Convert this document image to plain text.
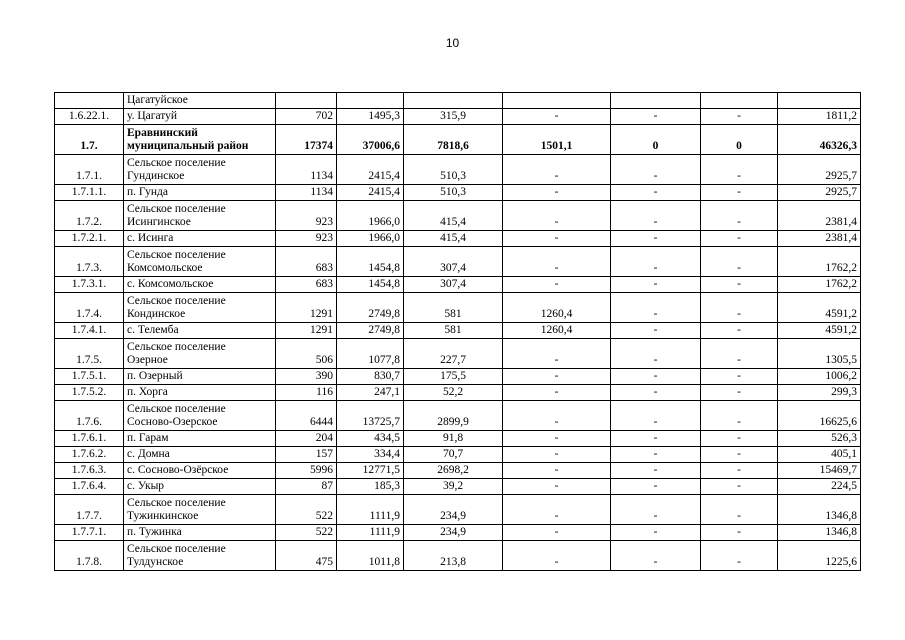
10
	Цагатуйское							
1.6.22.1.	у. Цагатуй	702	1495,3	315,9	-	-	-	1811,2
1.7.	Еравнинский
муниципальный район	17374	37006,6	7818,6	1501,1	0	0	46326,3
1.7.1.	Сельское поселение
Гундинское	1134	2415,4	510,3	-	-	-	2925,7
1.7.1.1.	п. Гунда	1134	2415,4	510,3	-	-	-	2925,7
1.7.2.	Сельское поселение
Исингинское	923	1966,0	415,4	-	-	-	2381,4
1.7.2.1.	с. Исинга	923	1966,0	415,4	-	-	-	2381,4
1.7.3.	Сельское поселение
Комсомольское	683	1454,8	307,4	-	-	-	1762,2
1.7.3.1.	с. Комсомольское	683	1454,8	307,4	-	-	-	1762,2
1.7.4.	Сельское поселение
Кондинское	1291	2749,8	581	1260,4	-	-	4591,2
1.7.4.1.	с. Телемба	1291	2749,8	581	1260,4	-	-	4591,2
1.7.5.	Сельское поселение
Озерное	506	1077,8	227,7	-	-	-	1305,5
1.7.5.1.	п. Озерный	390	830,7	175,5	-	-	-	1006,2
1.7.5.2.	п. Хорга	116	247,1	52,2	-	-	-	299,3
1.7.6.	Сельское поселение
Сосново-Озерское	6444	13725,7	2899,9	-	-	-	16625,6
1.7.6.1.	п. Гарам	204	434,5	91,8	-	-	-	526,3
1.7.6.2.	с. Домна	157	334,4	70,7	-	-	-	405,1
1.7.6.3.	с. Сосново-Озёрское	5996	12771,5	2698,2	-	-	-	15469,7
1.7.6.4.	с. Укыр	87	185,3	39,2	-	-	-	224,5
1.7.7.	Сельское поселение
Тужинкинское	522	1111,9	234,9	-	-	-	1346,8
1.7.7.1.	п. Тужинка	522	1111,9	234,9	-	-	-	1346,8
1.7.8.	Сельское поселение
Тулдунское	475	1011,8	213,8	-	-	-	1225,6
